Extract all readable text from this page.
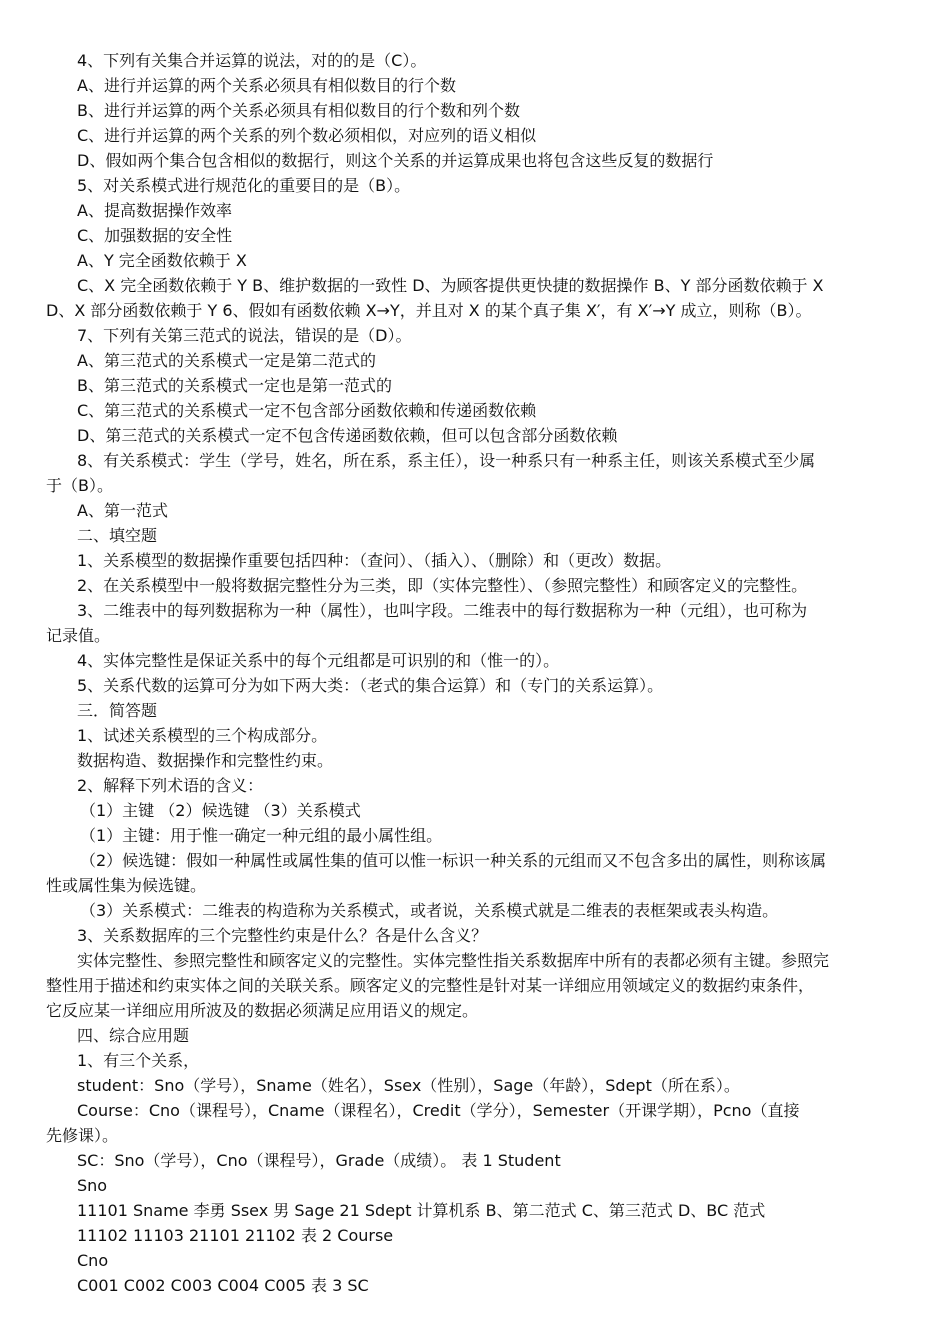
4、下列有关集合并运算的说法，对的的是（C）。
A、进行并运算的两个关系必须具有相似数目的行个数
B、进行并运算的两个关系必须具有相似数目的行个数和列个数
C、进行并运算的两个关系的列个数必须相似，对应列的语义相似
D、假如两个集合包含相似的数据行，则这个关系的并运算成果也将包含这些反复的数据行
5、对关系模式进行规范化的重要目的是（B）。
A、提高数据操作效率
C、加强数据的安全性
A、Y 完全函数依赖于 X
C、X 完全函数依赖于 Y B、维护数据的一致性 D、为顾客提供更快捷的数据操作 B、Y 部分函数依赖于 X
D、X 部分函数依赖于 Y 6、假如有函数依赖 X→Y，并且对 X 的某个真子集 X′，有 X′→Y 成立，则称（B）。
7、下列有关第三范式的说法，错误的是（D）。
A、第三范式的关系模式一定是第二范式的
B、第三范式的关系模式一定也是第一范式的
C、第三范式的关系模式一定不包含部分函数依赖和传递函数依赖
D、第三范式的关系模式一定不包含传递函数依赖，但可以包含部分函数依赖
8、有关系模式：学生（学号，姓名，所在系，系主任），设一种系只有一种系主任，则该关系模式至少属
于（B）。
A、第一范式
二、填空题
1、关系模型的数据操作重要包括四种：（查问）、（插入）、（删除）和（更改）数据。
2、在关系模型中一般将数据完整性分为三类，即（实体完整性）、（参照完整性）和顾客定义的完整性。
3、二维表中的每列数据称为一种（属性），也叫字段。二维表中的每行数据称为一种（元组），也可称为
记录值。
4、实体完整性是保证关系中的每个元组都是可识别的和（惟一的）。
5、关系代数的运算可分为如下两大类：（老式的集合运算）和（专门的关系运算）。
三．简答题
1、试述关系模型的三个构成部分。
数据构造、数据操作和完整性约束。
2、解释下列术语的含义：
（1）主键 （2）候选键 （3）关系模式
（1）主键：用于惟一确定一种元组的最小属性组。
（2）候选键：假如一种属性或属性集的值可以惟一标识一种关系的元组而又不包含多出的属性，则称该属
性或属性集为候选键。
（3）关系模式：二维表的构造称为关系模式，或者说，关系模式就是二维表的表框架或表头构造。
3、关系数据库的三个完整性约束是什么？各是什么含义？
实体完整性、参照完整性和顾客定义的完整性。实体完整性指关系数据库中所有的表都必须有主键。参照完
整性用于描述和约束实体之间的关联关系。顾客定义的完整性是针对某一详细应用领域定义的数据约束条件，
它反应某一详细应用所波及的数据必须满足应用语义的规定。
四、综合应用题
1、有三个关系，
student：Sno（学号），Sname（姓名），Ssex（性别），Sage（年龄），Sdept（所在系）。
Course：Cno（课程号），Cname（课程名），Credit（学分），Semester（开课学期），Pcno（直接
先修课）。
SC：Sno（学号），Cno（课程号），Grade（成绩）。 表 1 Student
Sno
11101 Sname 李勇 Ssex 男 Sage 21 Sdept 计算机系 B、第二范式 C、第三范式 D、BC 范式
11102 11103 21101 21102 表 2 Course
Cno
C001 C002 C003 C004 C005 表 3 SC
